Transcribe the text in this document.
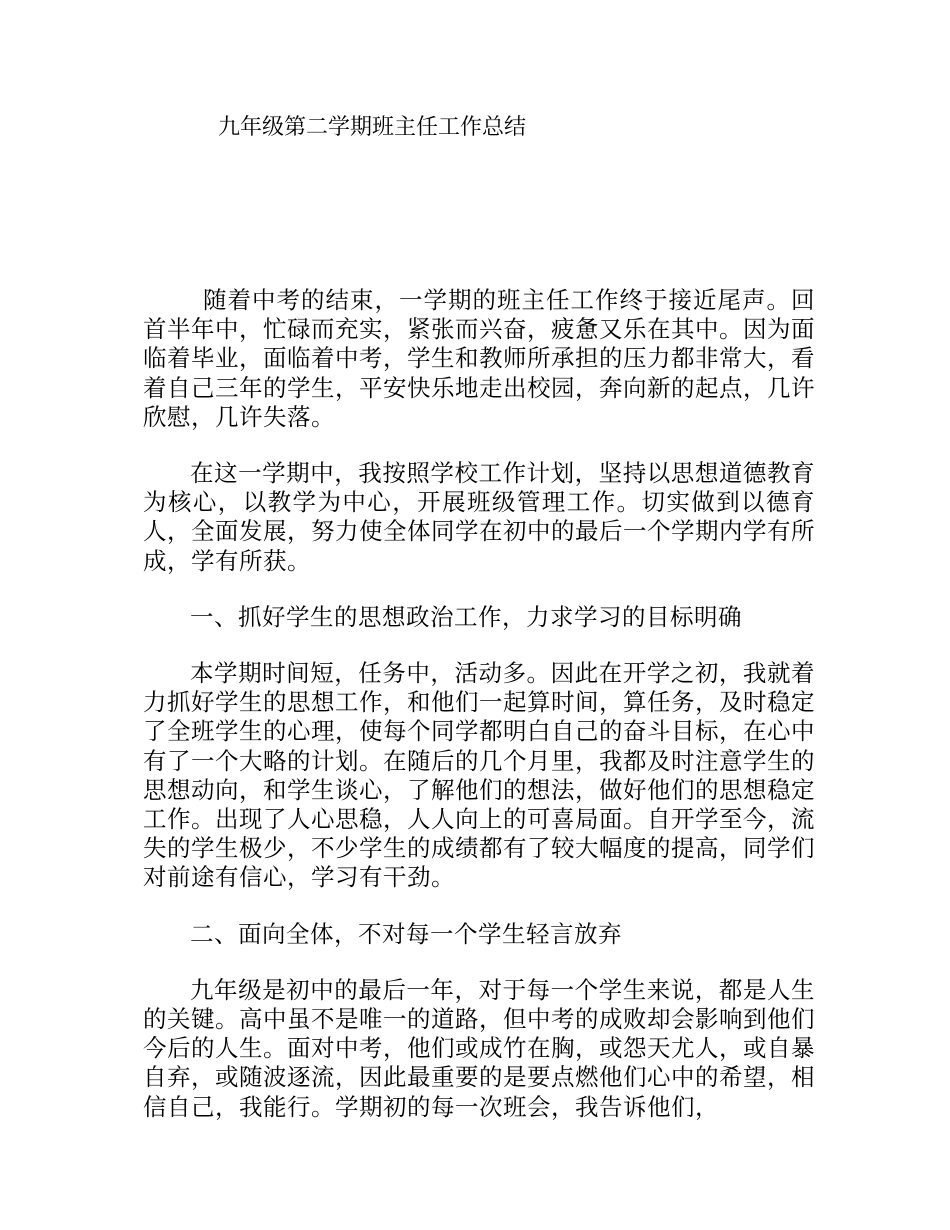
九年级第二学期班主任工作总结

随着中考的结束，一学期的班主任工作终于接近尾声。回首半年中，忙碌而充实，紧张而兴奋，疲惫又乐在其中。因为面临着毕业，面临着中考，学生和教师所承担的压力都非常大，看着自己三年的学生，平安快乐地走出校园，奔向新的起点，几许欣慰，几许失落。

在这一学期中，我按照学校工作计划，坚持以思想道德教育为核心，以教学为中心，开展班级管理工作。切实做到以德育人，全面发展，努力使全体同学在初中的最后一个学期内学有所成，学有所获。

一、抓好学生的思想政治工作，力求学习的目标明确

本学期时间短，任务中，活动多。因此在开学之初，我就着力抓好学生的思想工作，和他们一起算时间，算任务，及时稳定了全班学生的心理，使每个同学都明白自己的奋斗目标，在心中有了一个大略的计划。在随后的几个月里，我都及时注意学生的思想动向，和学生谈心，了解他们的想法，做好他们的思想稳定工作。出现了人心思稳，人人向上的可喜局面。自开学至今，流失的学生极少，不少学生的成绩都有了较大幅度的提高，同学们对前途有信心，学习有干劲。

二、面向全体，不对每一个学生轻言放弃

九年级是初中的最后一年，对于每一个学生来说，都是人生的关键。高中虽不是唯一的道路，但中考的成败却会影响到他们今后的人生。面对中考，他们或成竹在胸，或怨天尤人，或自暴自弃，或随波逐流，因此最重要的是要点燃他们心中的希望，相信自己，我能行。学期初的每一次班会，我告诉他们，
